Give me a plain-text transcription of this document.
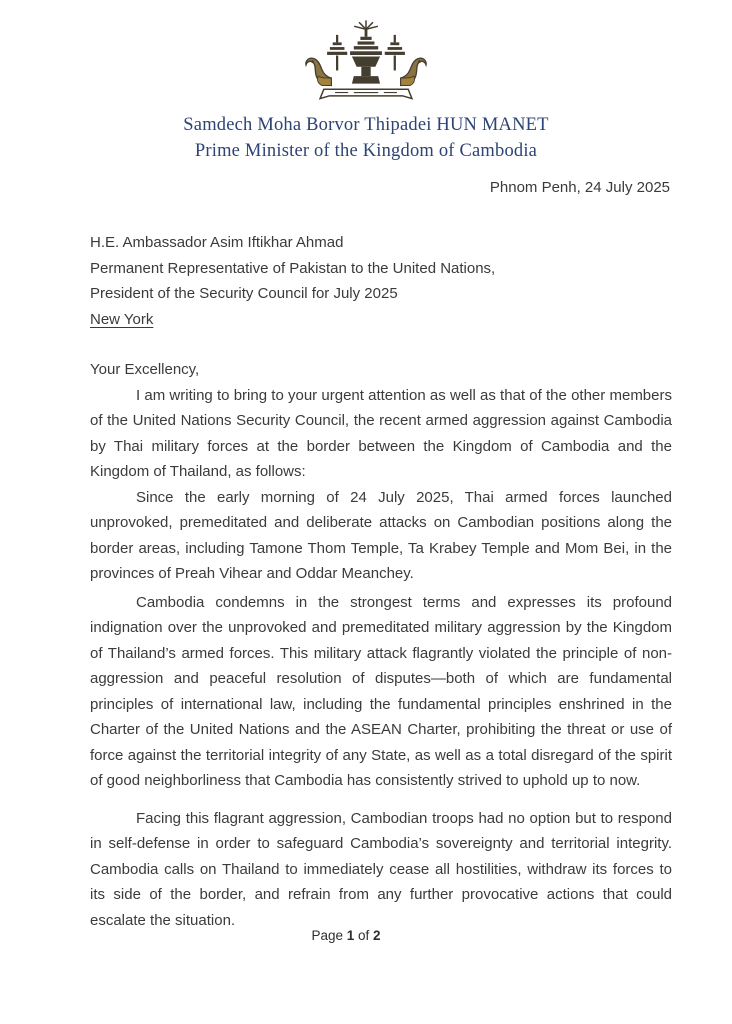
Samdech Moha Borvor Thipadei HUN MANET
Prime Minister of the Kingdom of Cambodia
Phnom Penh, 24 July 2025
H.E. Ambassador Asim Iftikhar Ahmad
Permanent Representative of Pakistan to the United Nations,
President of the Security Council for July 2025
New York

Your Excellency,

I am writing to bring to your urgent attention as well as that of the other members of the United Nations Security Council, the recent armed aggression against Cambodia by Thai military forces at the border between the Kingdom of Cambodia and the Kingdom of Thailand, as follows:

Since the early morning of 24 July 2025, Thai armed forces launched unprovoked, premeditated and deliberate attacks on Cambodian positions along the border areas, including Tamone Thom Temple, Ta Krabey Temple and Mom Bei, in the provinces of Preah Vihear and Oddar Meanchey.

Cambodia condemns in the strongest terms and expresses its profound indignation over the unprovoked and premeditated military aggression by the Kingdom of Thailand’s armed forces. This military attack flagrantly violated the principle of non-aggression and peaceful resolution of disputes—both of which are fundamental principles of international law, including the fundamental principles enshrined in the Charter of the United Nations and the ASEAN Charter, prohibiting the threat or use of force against the territorial integrity of any State, as well as a total disregard of the spirit of good neighborliness that Cambodia has consistently strived to uphold up to now.

Facing this flagrant aggression, Cambodian troops had no option but to respond in self-defense in order to safeguard Cambodia’s sovereignty and territorial integrity. Cambodia calls on Thailand to immediately cease all hostilities, withdraw its forces to its side of the border, and refrain from any further provocative actions that could escalate the situation.

Page 1 of 2
